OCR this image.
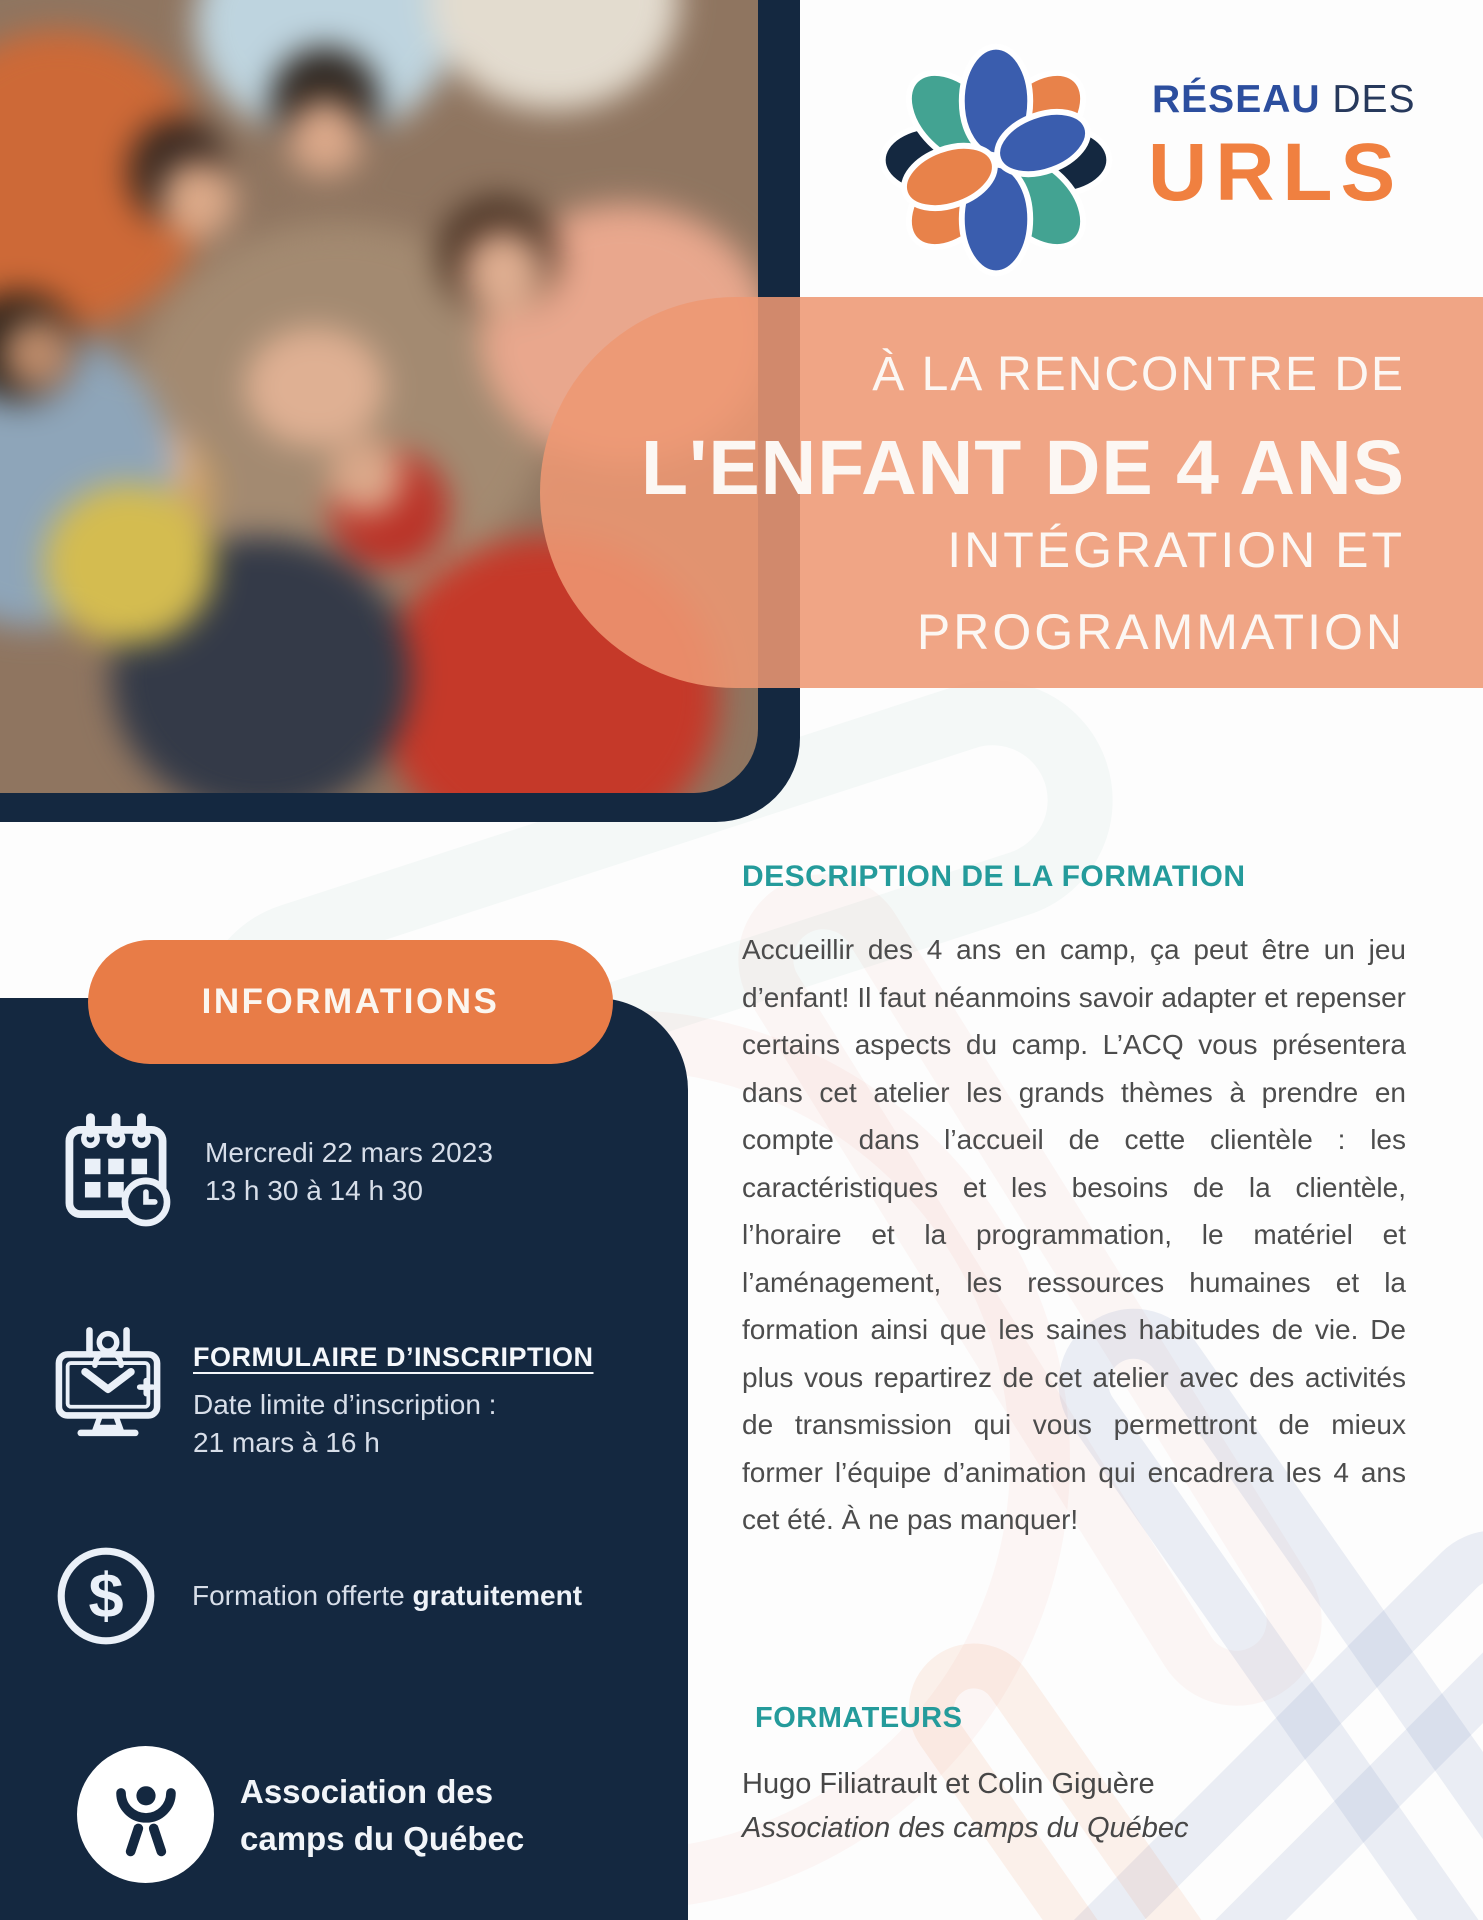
RÉSEAU DES
URLS
À LA RENCONTRE DE
L'ENFANT DE 4 ANS
INTÉGRATION ET
PROGRAMMATION
DESCRIPTION DE LA FORMATION
Accueillir des 4 ans en camp, ça peut être un jeu d’enfant! Il faut néanmoins savoir adapter et repenser certains aspects du camp. L’ACQ vous présentera dans cet atelier les grands thèmes à prendre en compte dans l’accueil de cette clientèle : les caractéristiques et les besoins de la clientèle, l’horaire et la programmation, le matériel et l’aménagement, les ressources humaines et la formation ainsi que les saines habitudes de vie. De plus vous repartirez de cet atelier avec des activités de transmission qui vous permettront de mieux former l’équipe d’animation qui encadrera les 4 ans cet été. À ne pas manquer!
FORMATEURS
Hugo Filiatrault et Colin Giguère
Association des camps du Québec
INFORMATIONS
Mercredi 22 mars 2023
13 h 30 à 14 h 30
FORMULAIRE D’INSCRIPTION
Date limite d’inscription :
21 mars à 16 h
$ Formation offerte gratuitement
Association des
camps du Québec
